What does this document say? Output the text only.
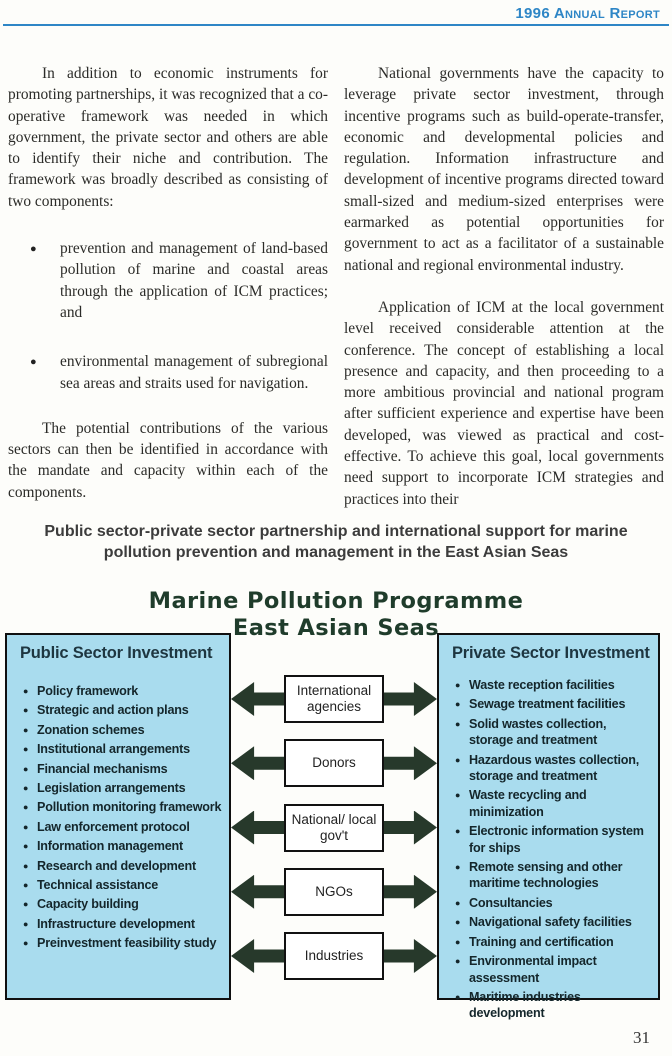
1996 Annual Report

In addition to economic instruments for promoting partnerships, it was recognized that a co-operative framework was needed in which government, the private sector and others are able to identify their niche and contribution. The framework was broadly described as consisting of two components:

● prevention and management of land-based pollution of marine and coastal areas through the application of ICM practices; and
● environmental management of subregional sea areas and straits used for navigation.

The potential contributions of the various sectors can then be identified in accordance with the mandate and capacity within each of the components.

National governments have the capacity to leverage private sector investment, through incentive programs such as build-operate-transfer, economic and developmental policies and regulation. Information infrastructure and development of incentive programs directed toward small-sized and medium-sized enterprises were earmarked as potential opportunities for government to act as a facilitator of a sustainable national and regional environmental industry.

Application of ICM at the local government level received considerable attention at the conference. The concept of establishing a local presence and capacity, and then proceeding to a more ambitious provincial and national program after sufficient experience and expertise have been developed, was viewed as practical and cost-effective. To achieve this goal, local governments need support to incorporate ICM strategies and practices into their

Public sector-private sector partnership and international support for marine pollution prevention and management in the East Asian Seas
Marine Pollution Programme
East Asian Seas
Public Sector Investment
● Policy framework
● Strategic and action plans
● Zonation schemes
● Institutional arrangements
● Financial mechanisms
● Legislation arrangements
● Pollution monitoring framework
● Law enforcement protocol
● Information management
● Research and development
● Technical assistance
● Capacity building
● Infrastructure development
● Preinvestment feasibility study
International agencies
Donors
National/ local gov't
NGOs
Industries
Private Sector Investment
● Waste reception facilities
● Sewage treatment facilities
● Solid wastes collection, storage and treatment
● Hazardous wastes collection, storage and treatment
● Waste recycling and minimization
● Electronic information system for ships
● Remote sensing and other maritime technologies
● Consultancies
● Navigational safety facilities
● Training and certification
● Environmental impact assessment
● Maritime industries development
31
